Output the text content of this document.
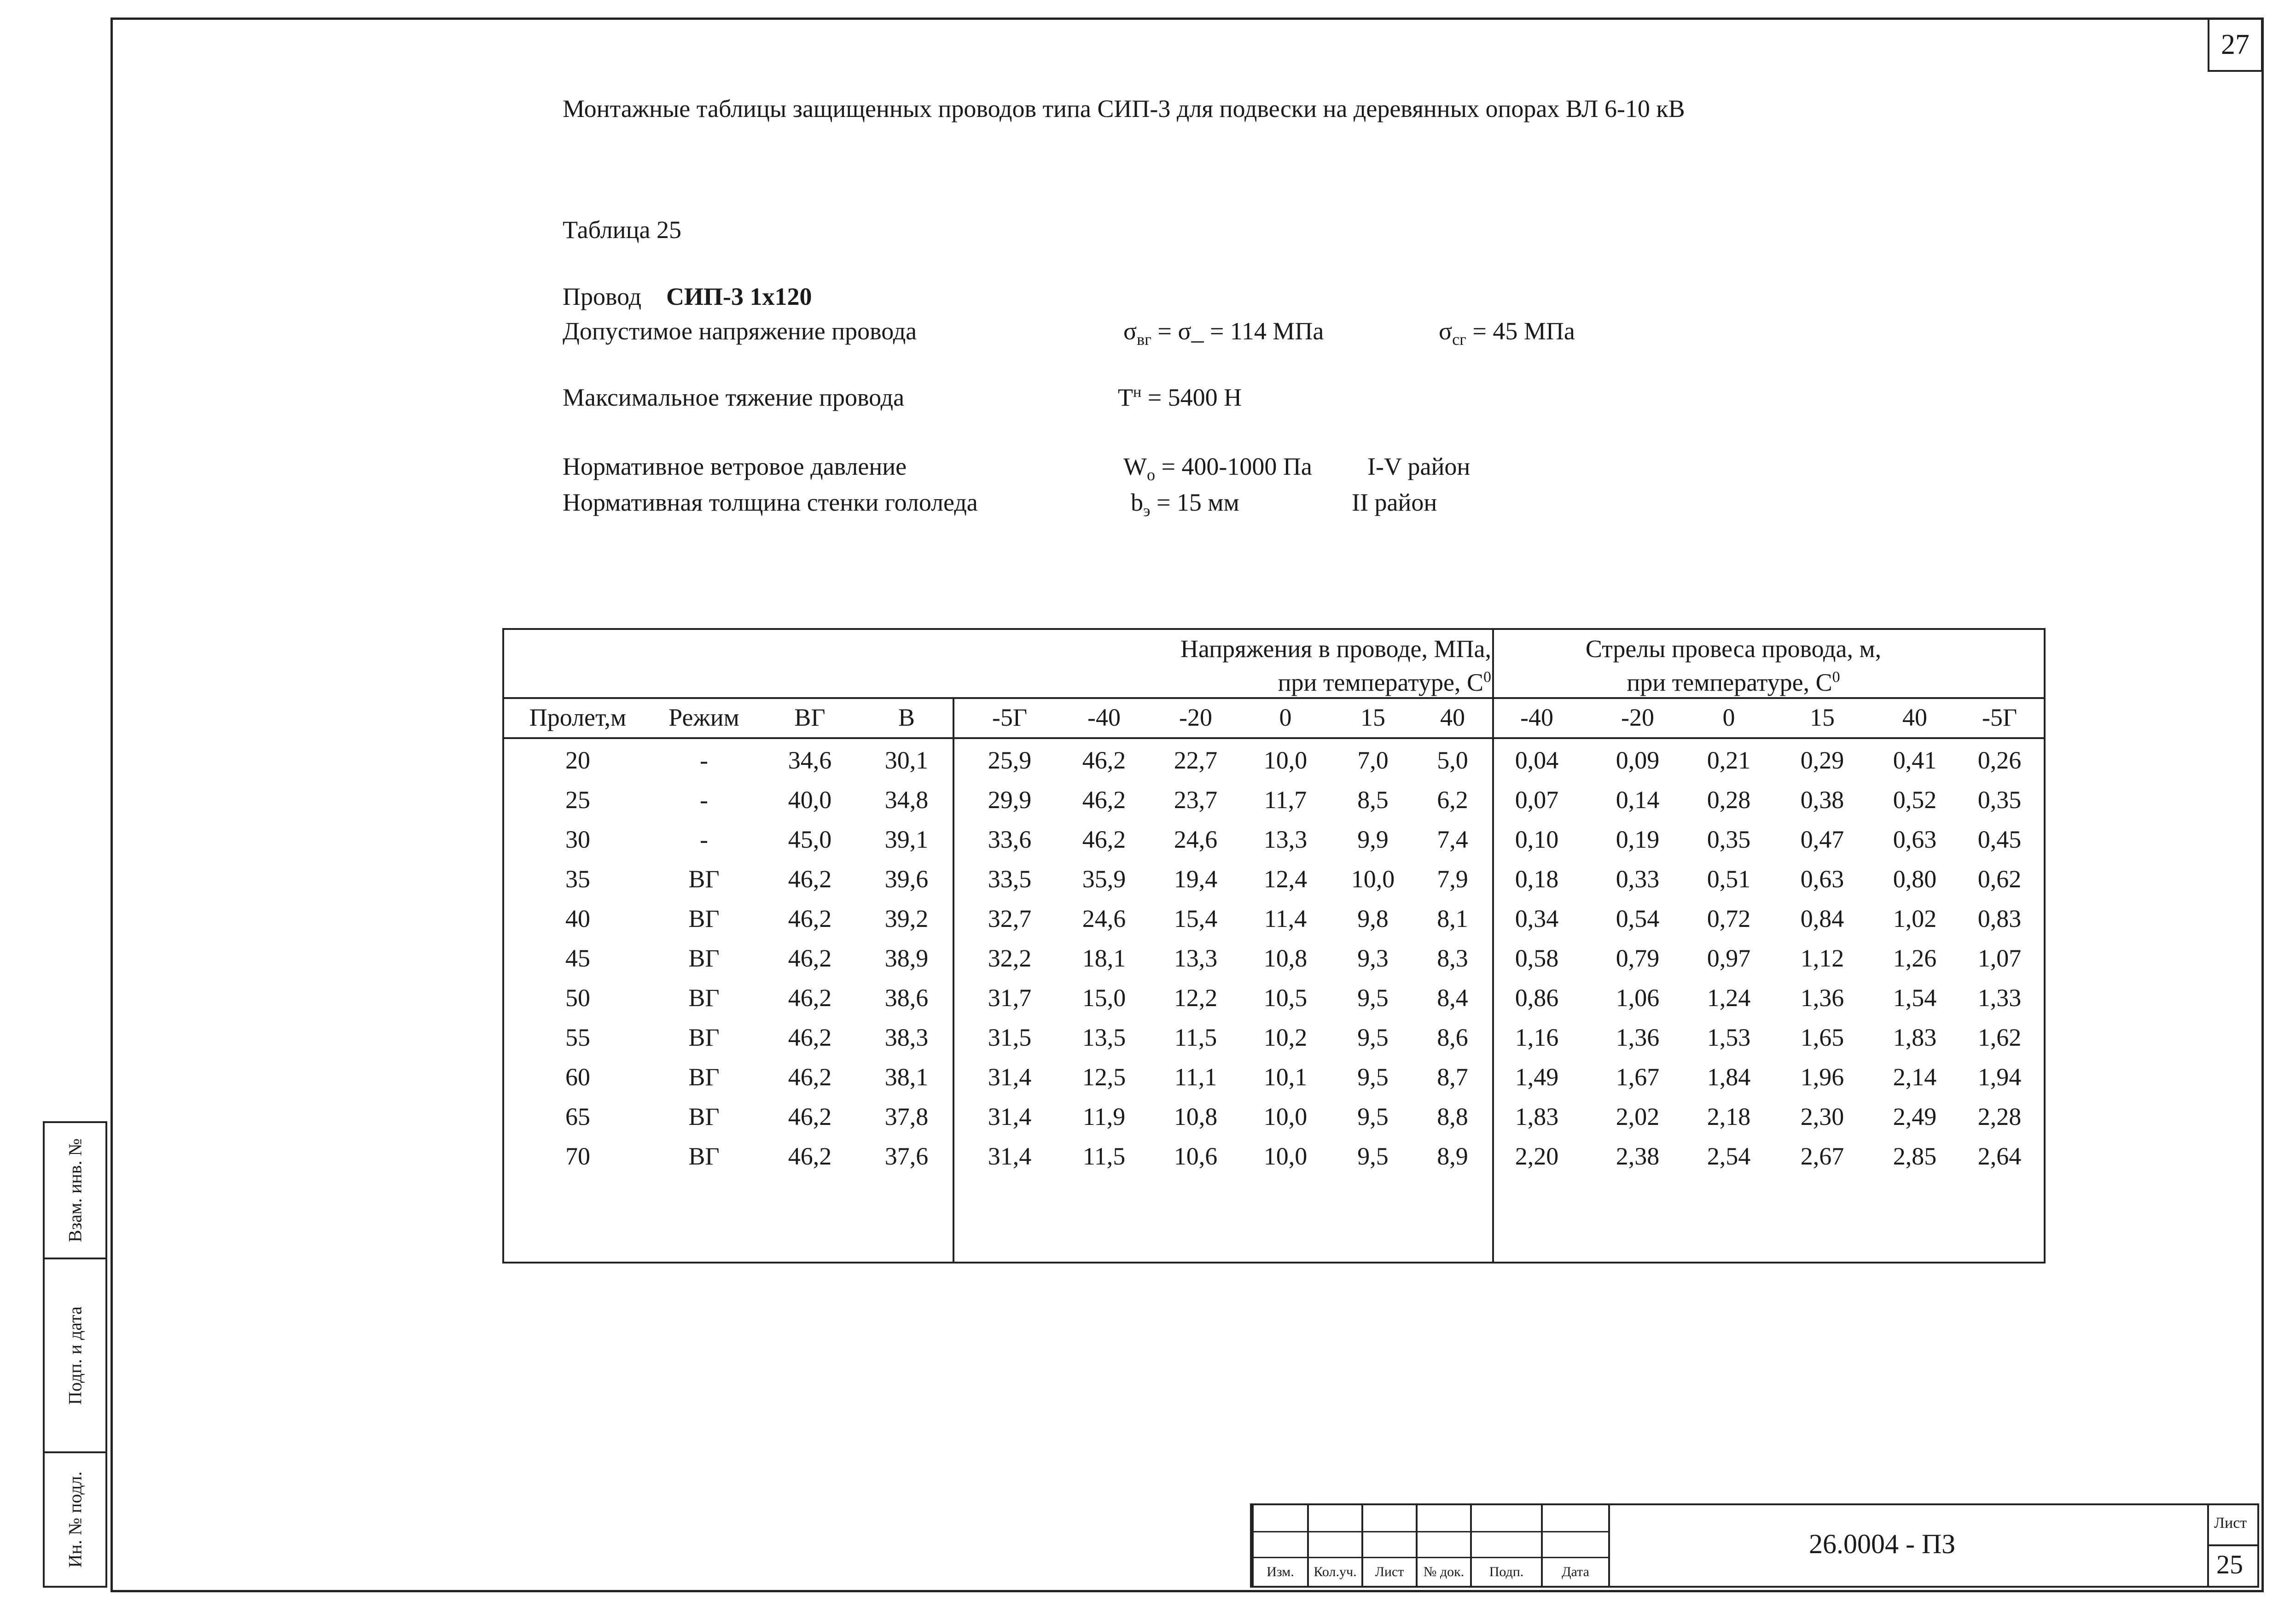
27
Монтажные таблицы защищенных проводов типа СИП-3 для подвески на деревянных опорах ВЛ 6-10 кВ
Таблица 25
Провод СИП-3 1х120
Допустимое напряжение провода	$\sigma_{вг}$ = σ_ = 114 МПа	$\sigma_{сг} = 45$ МПа
Максимальное тяжение провода	$Т^н = 5400$ Н
Нормативное ветровое давление	$W_о = 400-1000$ Па I-V район
Нормативная толщина стенки гололеда	$b_э = 15$ мм	II район
Напряжения в проводе, МПа,
при температуре, $С^0$
Стрелы провеса провода, м,
при температуре, $С^0$
Пролет,м	Режим	ВГ	В	-5Г	-40	-20	0	15	40	-40	-20	0	15	40	-5Г
20	-	34,6	30,1	25,9	46,2	22,7	10,0	7,0	5,0	0,04	0,09	0,21	0,29	0,41	0,26
25	-	40,0	34,8	29,9	46,2	23,7	11,7	8,5	6,2	0,07	0,14	0,28	0,38	0,52	0,35
30	-	45,0	39,1	33,6	46,2	24,6	13,3	9,9	7,4	0,10	0,19	0,35	0,47	0,63	0,45
35	ВГ	46,2	39,6	33,5	35,9	19,4	12,4	10,0	7,9	0,18	0,33	0,51	0,63	0,80	0,62
40	ВГ	46,2	39,2	32,7	24,6	15,4	11,4	9,8	8,1	0,34	0,54	0,72	0,84	1,02	0,83
45	ВГ	46,2	38,9	32,2	18,1	13,3	10,8	9,3	8,3	0,58	0,79	0,97	1,12	1,26	1,07
50	ВГ	46,2	38,6	31,7	15,0	12,2	10,5	9,5	8,4	0,86	1,06	1,24	1,36	1,54	1,33
55	ВГ	46,2	38,3	31,5	13,5	11,5	10,2	9,5	8,6	1,16	1,36	1,53	1,65	1,83	1,62
60	ВГ	46,2	38,1	31,4	12,5	11,1	10,1	9,5	8,7	1,49	1,67	1,84	1,96	2,14	1,94
65	ВГ	46,2	37,8	31,4	11,9	10,8	10,0	9,5	8,8	1,83	2,02	2,18	2,30	2,49	2,28
70	ВГ	46,2	37,6	31,4	11,5	10,6	10,0	9,5	8,9	2,20	2,38	2,54	2,67	2,85	2,64
Взам. инв. №
Подп. и дата
Ин. № подл.
Изм.	Кол.уч.	Лист	№ док.	Подп.	Дата
26.0004 - ПЗ
Лист
25
